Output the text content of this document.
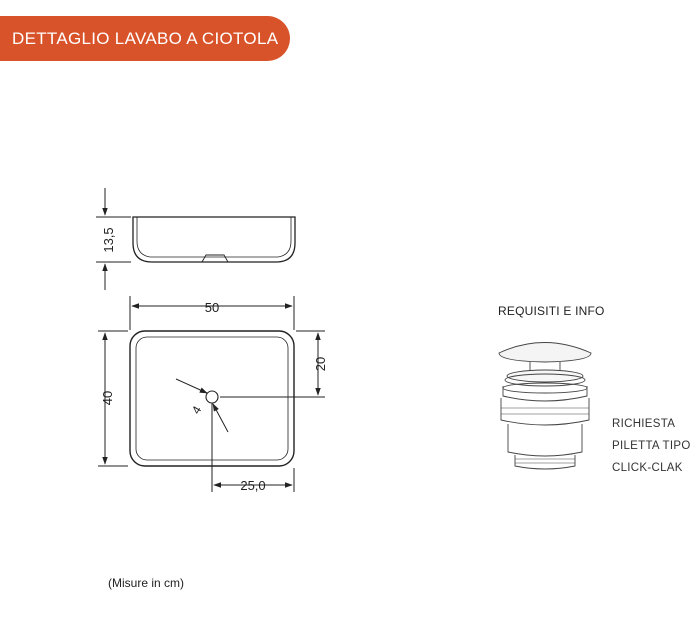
DETTAGLIO LAVABO A CIOTOLA
13,5
50
40
20
4
25,0
REQUISITI E INFO
RICHIESTA
PILETTA TIPO
CLICK-CLAK
(Misure in cm)
